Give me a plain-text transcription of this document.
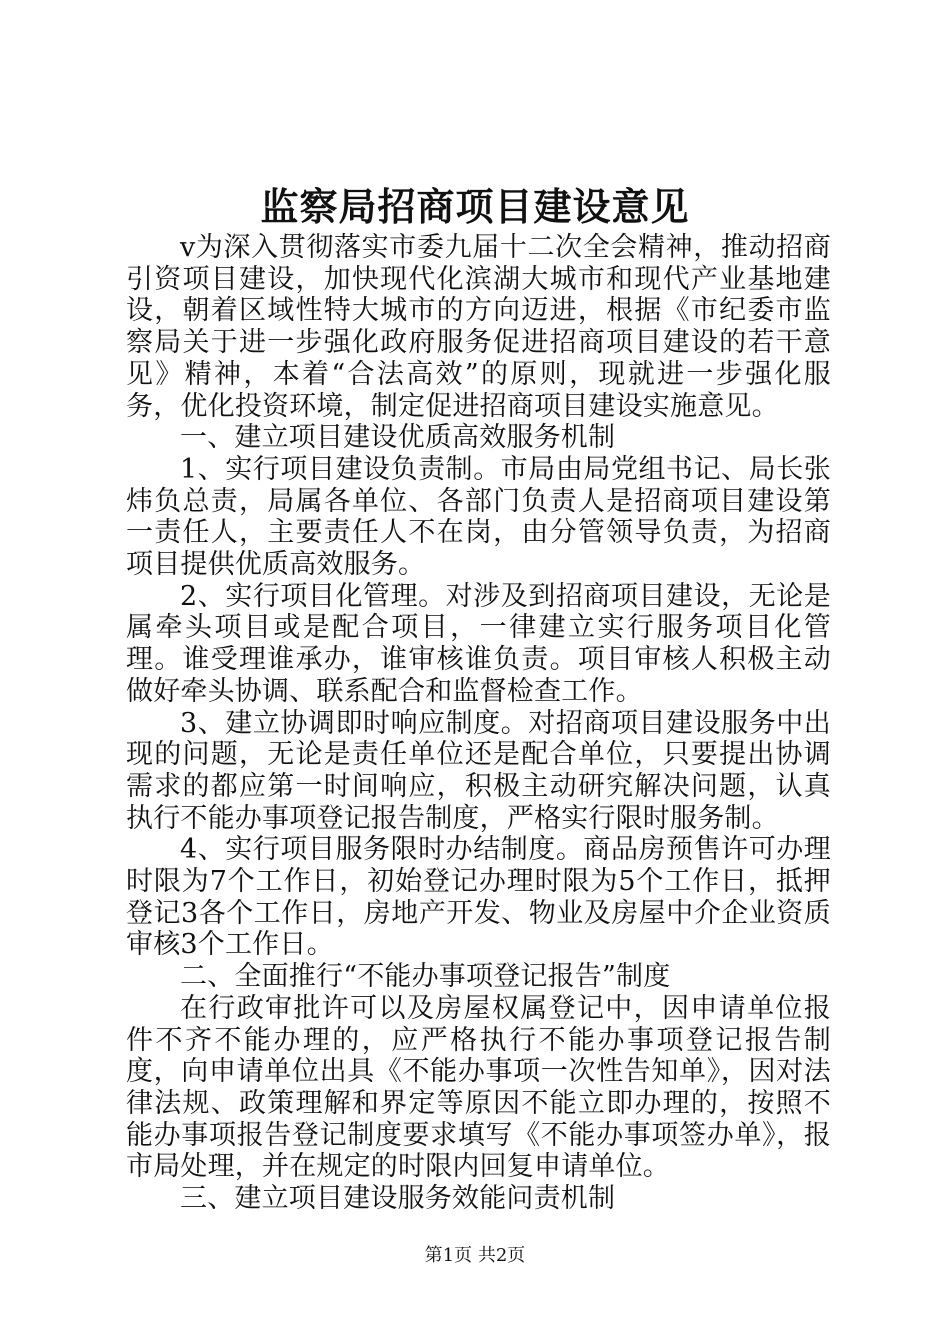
监察局招商项目建设意见

v为深入贯彻落实市委九届十二次全会精神，推动招商引资项目建设，加快现代化滨湖大城市和现代产业基地建设，朝着区域性特大城市的方向迈进，根据《市纪委市监察局关于进一步强化政府服务促进招商项目建设的若干意见》精神，本着“合法高效”的原则，现就进一步强化服务，优化投资环境，制定促进招商项目建设实施意见。

一、建立项目建设优质高效服务机制

1、实行项目建设负责制。市局由局党组书记、局长张炜负总责，局属各单位、各部门负责人是招商项目建设第一责任人，主要责任人不在岗，由分管领导负责，为招商项目提供优质高效服务。

2、实行项目化管理。对涉及到招商项目建设，无论是属牵头项目或是配合项目，一律建立实行服务项目化管理。谁受理谁承办，谁审核谁负责。项目审核人积极主动做好牵头协调、联系配合和监督检查工作。

3、建立协调即时响应制度。对招商项目建设服务中出现的问题，无论是责任单位还是配合单位，只要提出协调需求的都应第一时间响应，积极主动研究解决问题，认真执行不能办事项登记报告制度，严格实行限时服务制。

4、实行项目服务限时办结制度。商品房预售许可办理时限为7个工作日，初始登记办理时限为5个工作日，抵押登记3各个工作日，房地产开发、物业及房屋中介企业资质审核3个工作日。

二、全面推行“不能办事项登记报告”制度

在行政审批许可以及房屋权属登记中，因申请单位报件不齐不能办理的，应严格执行不能办事项登记报告制度，向申请单位出具《不能办事项一次性告知单》，因对法律法规、政策理解和界定等原因不能立即办理的，按照不能办事项报告登记制度要求填写《不能办事项签办单》，报市局处理，并在规定的时限内回复申请单位。

三、建立项目建设服务效能问责机制

第1页 共2页
